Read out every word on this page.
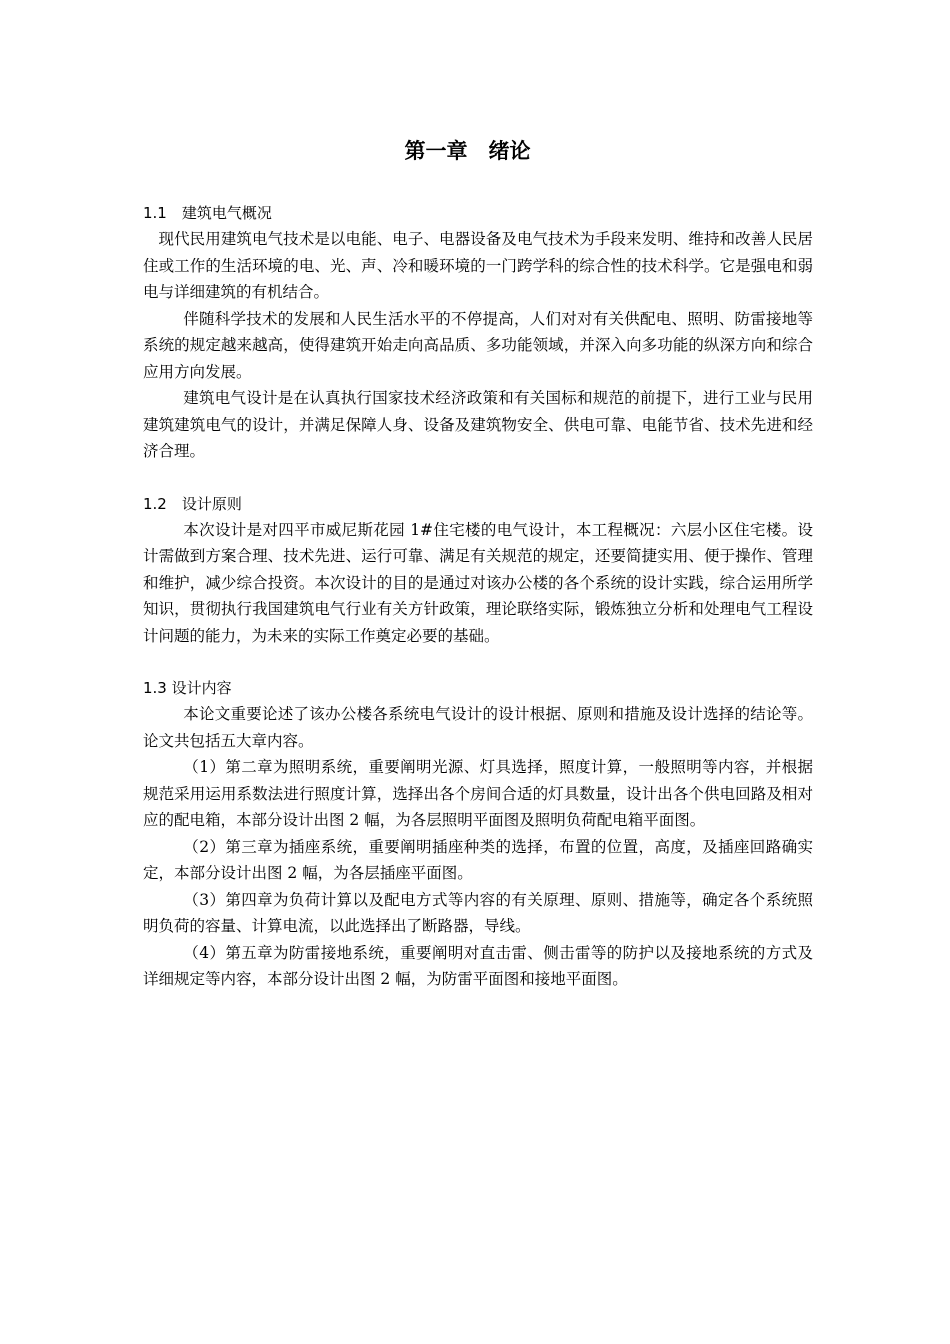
第一章　绪论
1.1　建筑电气概况

现代民用建筑电气技术是以电能、电子、电器设备及电气技术为手段来发明、维持和改善人民居住或工作的生活环境的电、光、声、冷和暖环境的一门跨学科的综合性的技术科学。它是强电和弱电与详细建筑的有机结合。

伴随科学技术的发展和人民生活水平的不停提高，人们对对有关供配电、照明、防雷接地等系统的规定越来越高，使得建筑开始走向高品质、多功能领域，并深入向多功能的纵深方向和综合应用方向发展。

建筑电气设计是在认真执行国家技术经济政策和有关国标和规范的前提下，进行工业与民用建筑建筑电气的设计，并满足保障人身、设备及建筑物安全、供电可靠、电能节省、技术先进和经济合理。

1.2　设计原则

本次设计是对四平市威尼斯花园 1#住宅楼的电气设计，本工程概况：六层小区住宅楼。设计需做到方案合理、技术先进、运行可靠、满足有关规范的规定，还要简捷实用、便于操作、管理和维护，减少综合投资。本次设计的目的是通过对该办公楼的各个系统的设计实践，综合运用所学知识，贯彻执行我国建筑电气行业有关方针政策，理论联络实际，锻炼独立分析和处理电气工程设计问题的能力，为未来的实际工作奠定必要的基础。

1.3 设计内容

本论文重要论述了该办公楼各系统电气设计的设计根据、原则和措施及设计选择的结论等。论文共包括五大章内容。

（1）第二章为照明系统，重要阐明光源、灯具选择，照度计算，一般照明等内容，并根据规范采用运用系数法进行照度计算，选择出各个房间合适的灯具数量，设计出各个供电回路及相对应的配电箱，本部分设计出图 2 幅，为各层照明平面图及照明负荷配电箱平面图。

（2）第三章为插座系统，重要阐明插座种类的选择，布置的位置，高度，及插座回路确实定，本部分设计出图 2 幅，为各层插座平面图。

（3）第四章为负荷计算以及配电方式等内容的有关原理、原则、措施等，确定各个系统照明负荷的容量、计算电流，以此选择出了断路器，导线。

（4）第五章为防雷接地系统，重要阐明对直击雷、侧击雷等的防护以及接地系统的方式及详细规定等内容，本部分设计出图 2 幅，为防雷平面图和接地平面图。
